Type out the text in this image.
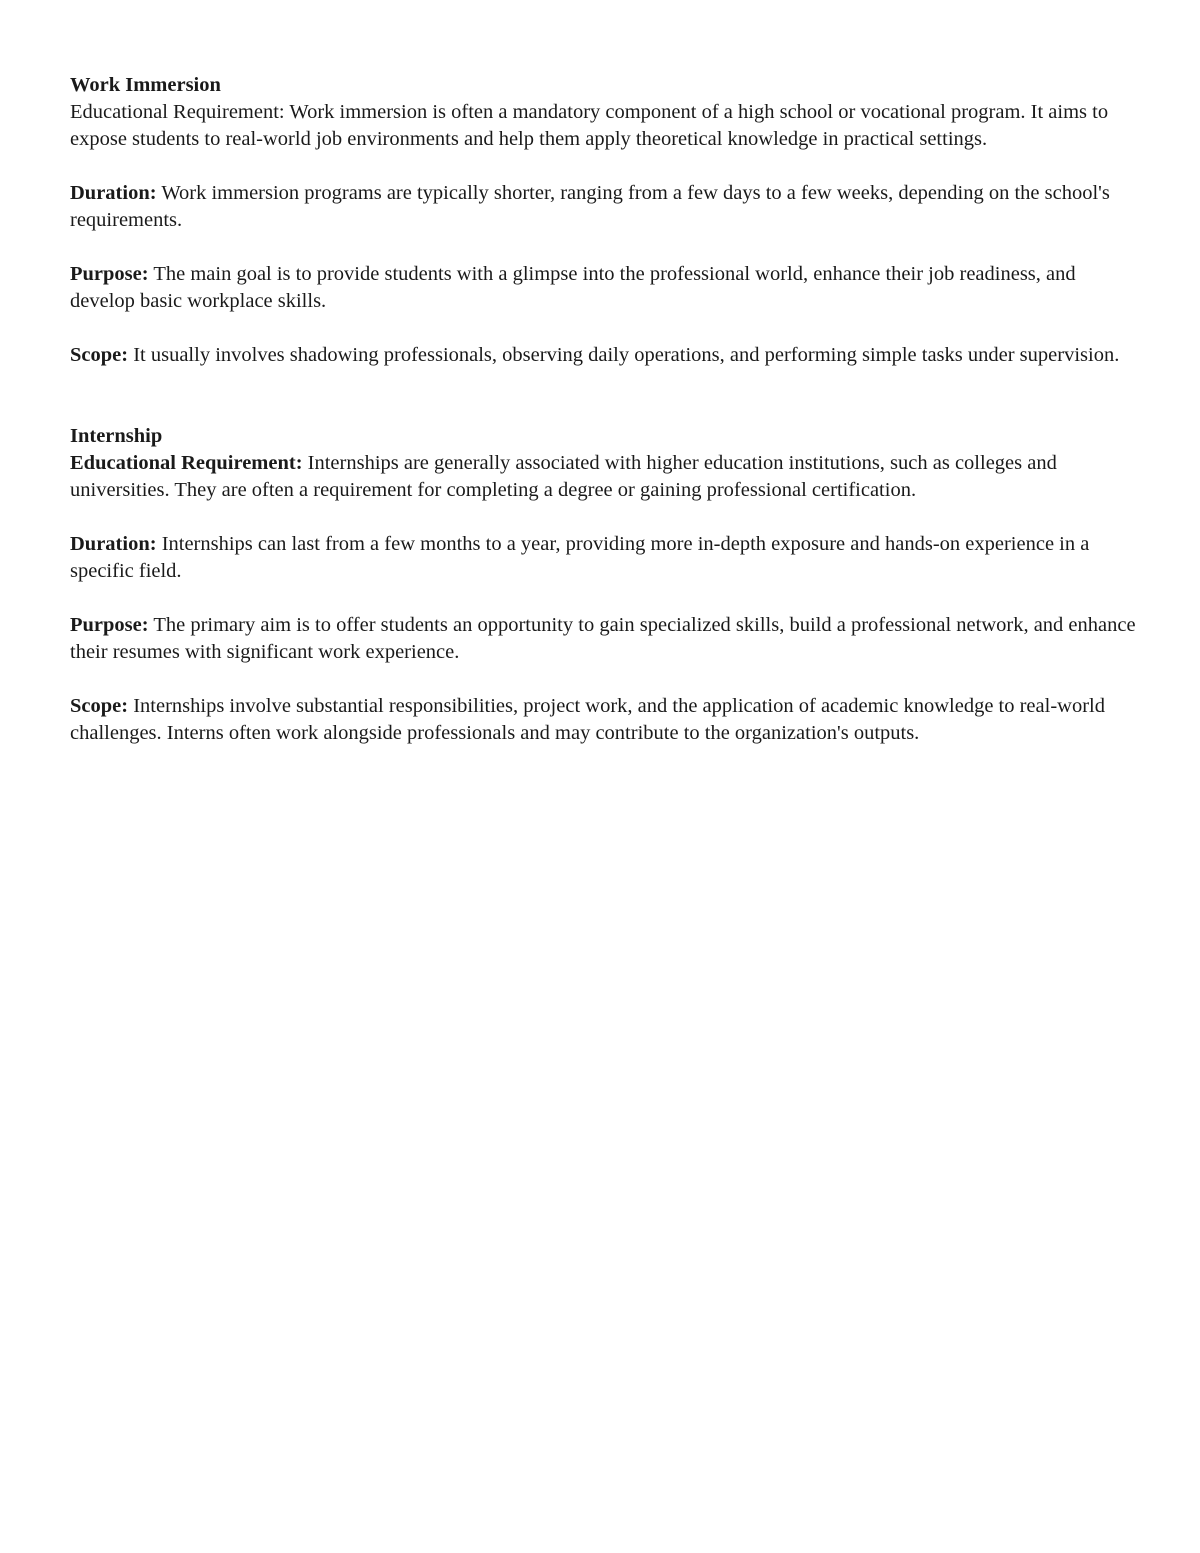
Work Immersion

Educational Requirement: Work immersion is often a mandatory component of a high school or vocational program. It aims to expose students to real-world job environments and help them apply theoretical knowledge in practical settings.

Duration: Work immersion programs are typically shorter, ranging from a few days to a few weeks, depending on the school's requirements.

Purpose: The main goal is to provide students with a glimpse into the professional world, enhance their job readiness, and develop basic workplace skills.

Scope: It usually involves shadowing professionals, observing daily operations, and performing simple tasks under supervision.

Internship

Educational Requirement: Internships are generally associated with higher education institutions, such as colleges and universities. They are often a requirement for completing a degree or gaining professional certification.

Duration: Internships can last from a few months to a year, providing more in-depth exposure and hands-on experience in a specific field.

Purpose: The primary aim is to offer students an opportunity to gain specialized skills, build a professional network, and enhance their resumes with significant work experience.

Scope: Internships involve substantial responsibilities, project work, and the application of academic knowledge to real-world challenges. Interns often work alongside professionals and may contribute to the organization's outputs.
